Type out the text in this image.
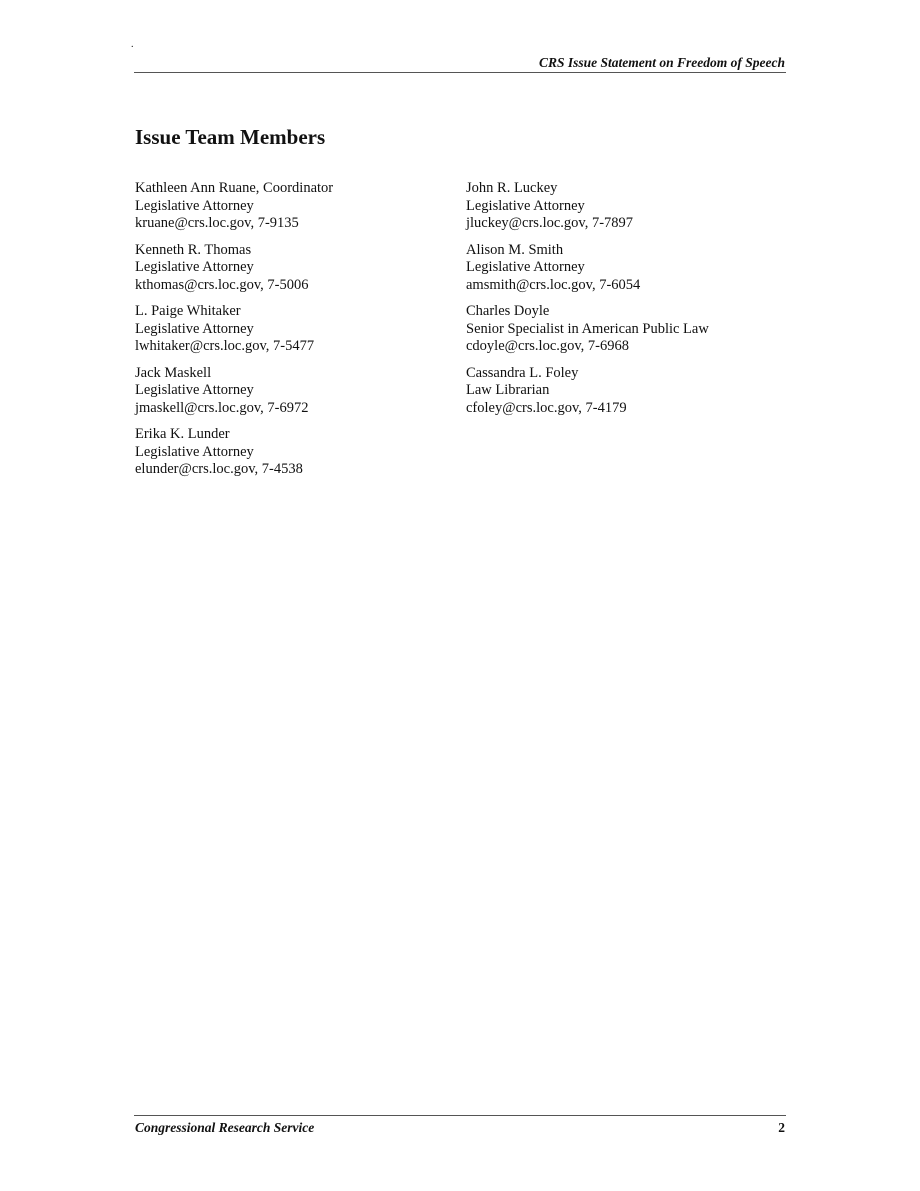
.
CRS Issue Statement on Freedom of Speech
Issue Team Members
Kathleen Ann Ruane, Coordinator
Legislative Attorney
kruane@crs.loc.gov, 7-9135
Kenneth R. Thomas
Legislative Attorney
kthomas@crs.loc.gov, 7-5006
L. Paige Whitaker
Legislative Attorney
lwhitaker@crs.loc.gov, 7-5477
Jack Maskell
Legislative Attorney
jmaskell@crs.loc.gov, 7-6972
Erika K. Lunder
Legislative Attorney
elunder@crs.loc.gov, 7-4538
John R. Luckey
Legislative Attorney
jluckey@crs.loc.gov, 7-7897
Alison M. Smith
Legislative Attorney
amsmith@crs.loc.gov, 7-6054
Charles Doyle
Senior Specialist in American Public Law
cdoyle@crs.loc.gov, 7-6968
Cassandra L. Foley
Law Librarian
cfoley@crs.loc.gov, 7-4179
Congressional Research Service	2
